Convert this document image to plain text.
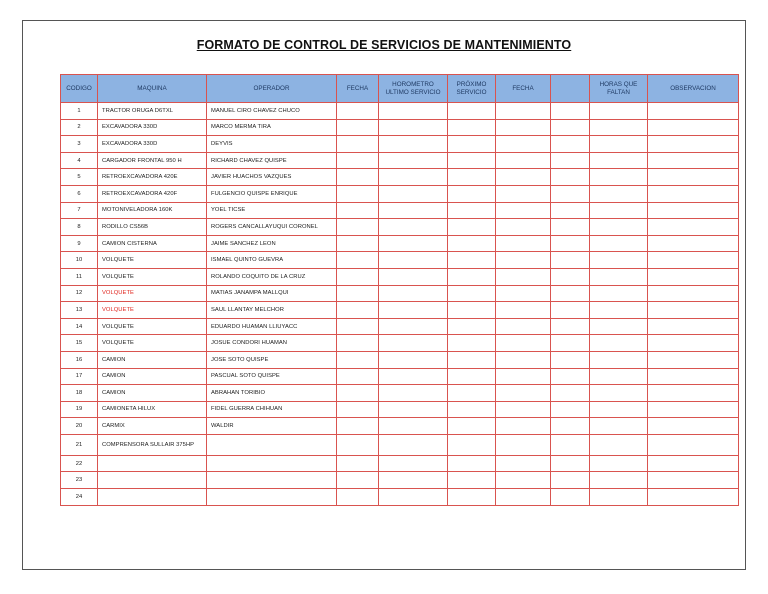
FORMATO DE CONTROL DE SERVICIOS DE MANTENIMIENTO
CODIGO	MAQUINA	OPERADOR	FECHA	HOROMETRO ULTIMO SERVICIO	PRÓXIMO SERVICIO	FECHA		HORAS QUE FALTAN	OBSERVACION
1	TRACTOR ORUGA D6TXL	MANUEL CIRO CHAVEZ CHUCO							
2	EXCAVADORA 330D	MARCO MERMA TIRA							
3	EXCAVADORA 330D	DEYVIS							
4	CARGADOR FRONTAL 950 H	RICHARD CHAVEZ QUISPE							
5	RETROEXCAVADORA 420E	JAVIER HUACHOS VAZQUES							
6	RETROEXCAVADORA 420F	FULGENCIO QUISPE ENRIQUE							
7	MOTONIVELADORA 160K	YOEL TICSE							
8	RODILLO CS56B	ROGERS CANCALLAYUQUI CORONEL							
9	CAMION CISTERNA	JAIME SANCHEZ LEON							
10	VOLQUETE	ISMAEL QUINTO GUEVRA							
11	VOLQUETE	ROLANDO COQUITO DE LA CRUZ							
12	VOLQUETE	MATIAS JANAMPA MALLQUI							
13	VOLQUETE	SAUL LLANTAY MELCHOR							
14	VOLQUETE	EDUARDO HUAMAN LLIUYACC							
15	VOLQUETE	JOSUE CONDORI HUAMAN							
16	CAMION	JOSE SOTO QUISPE							
17	CAMION	PASCUAL SOTO QUISPE							
18	CAMION	ABRAHAN TORIBIO							
19	CAMIONETA HILUX	FIDEL GUERRA CHIHUAN							
20	CARMIX	WALDIR							
21	COMPRENSORA SULLAIR 375HP								
22									
23									
24									
